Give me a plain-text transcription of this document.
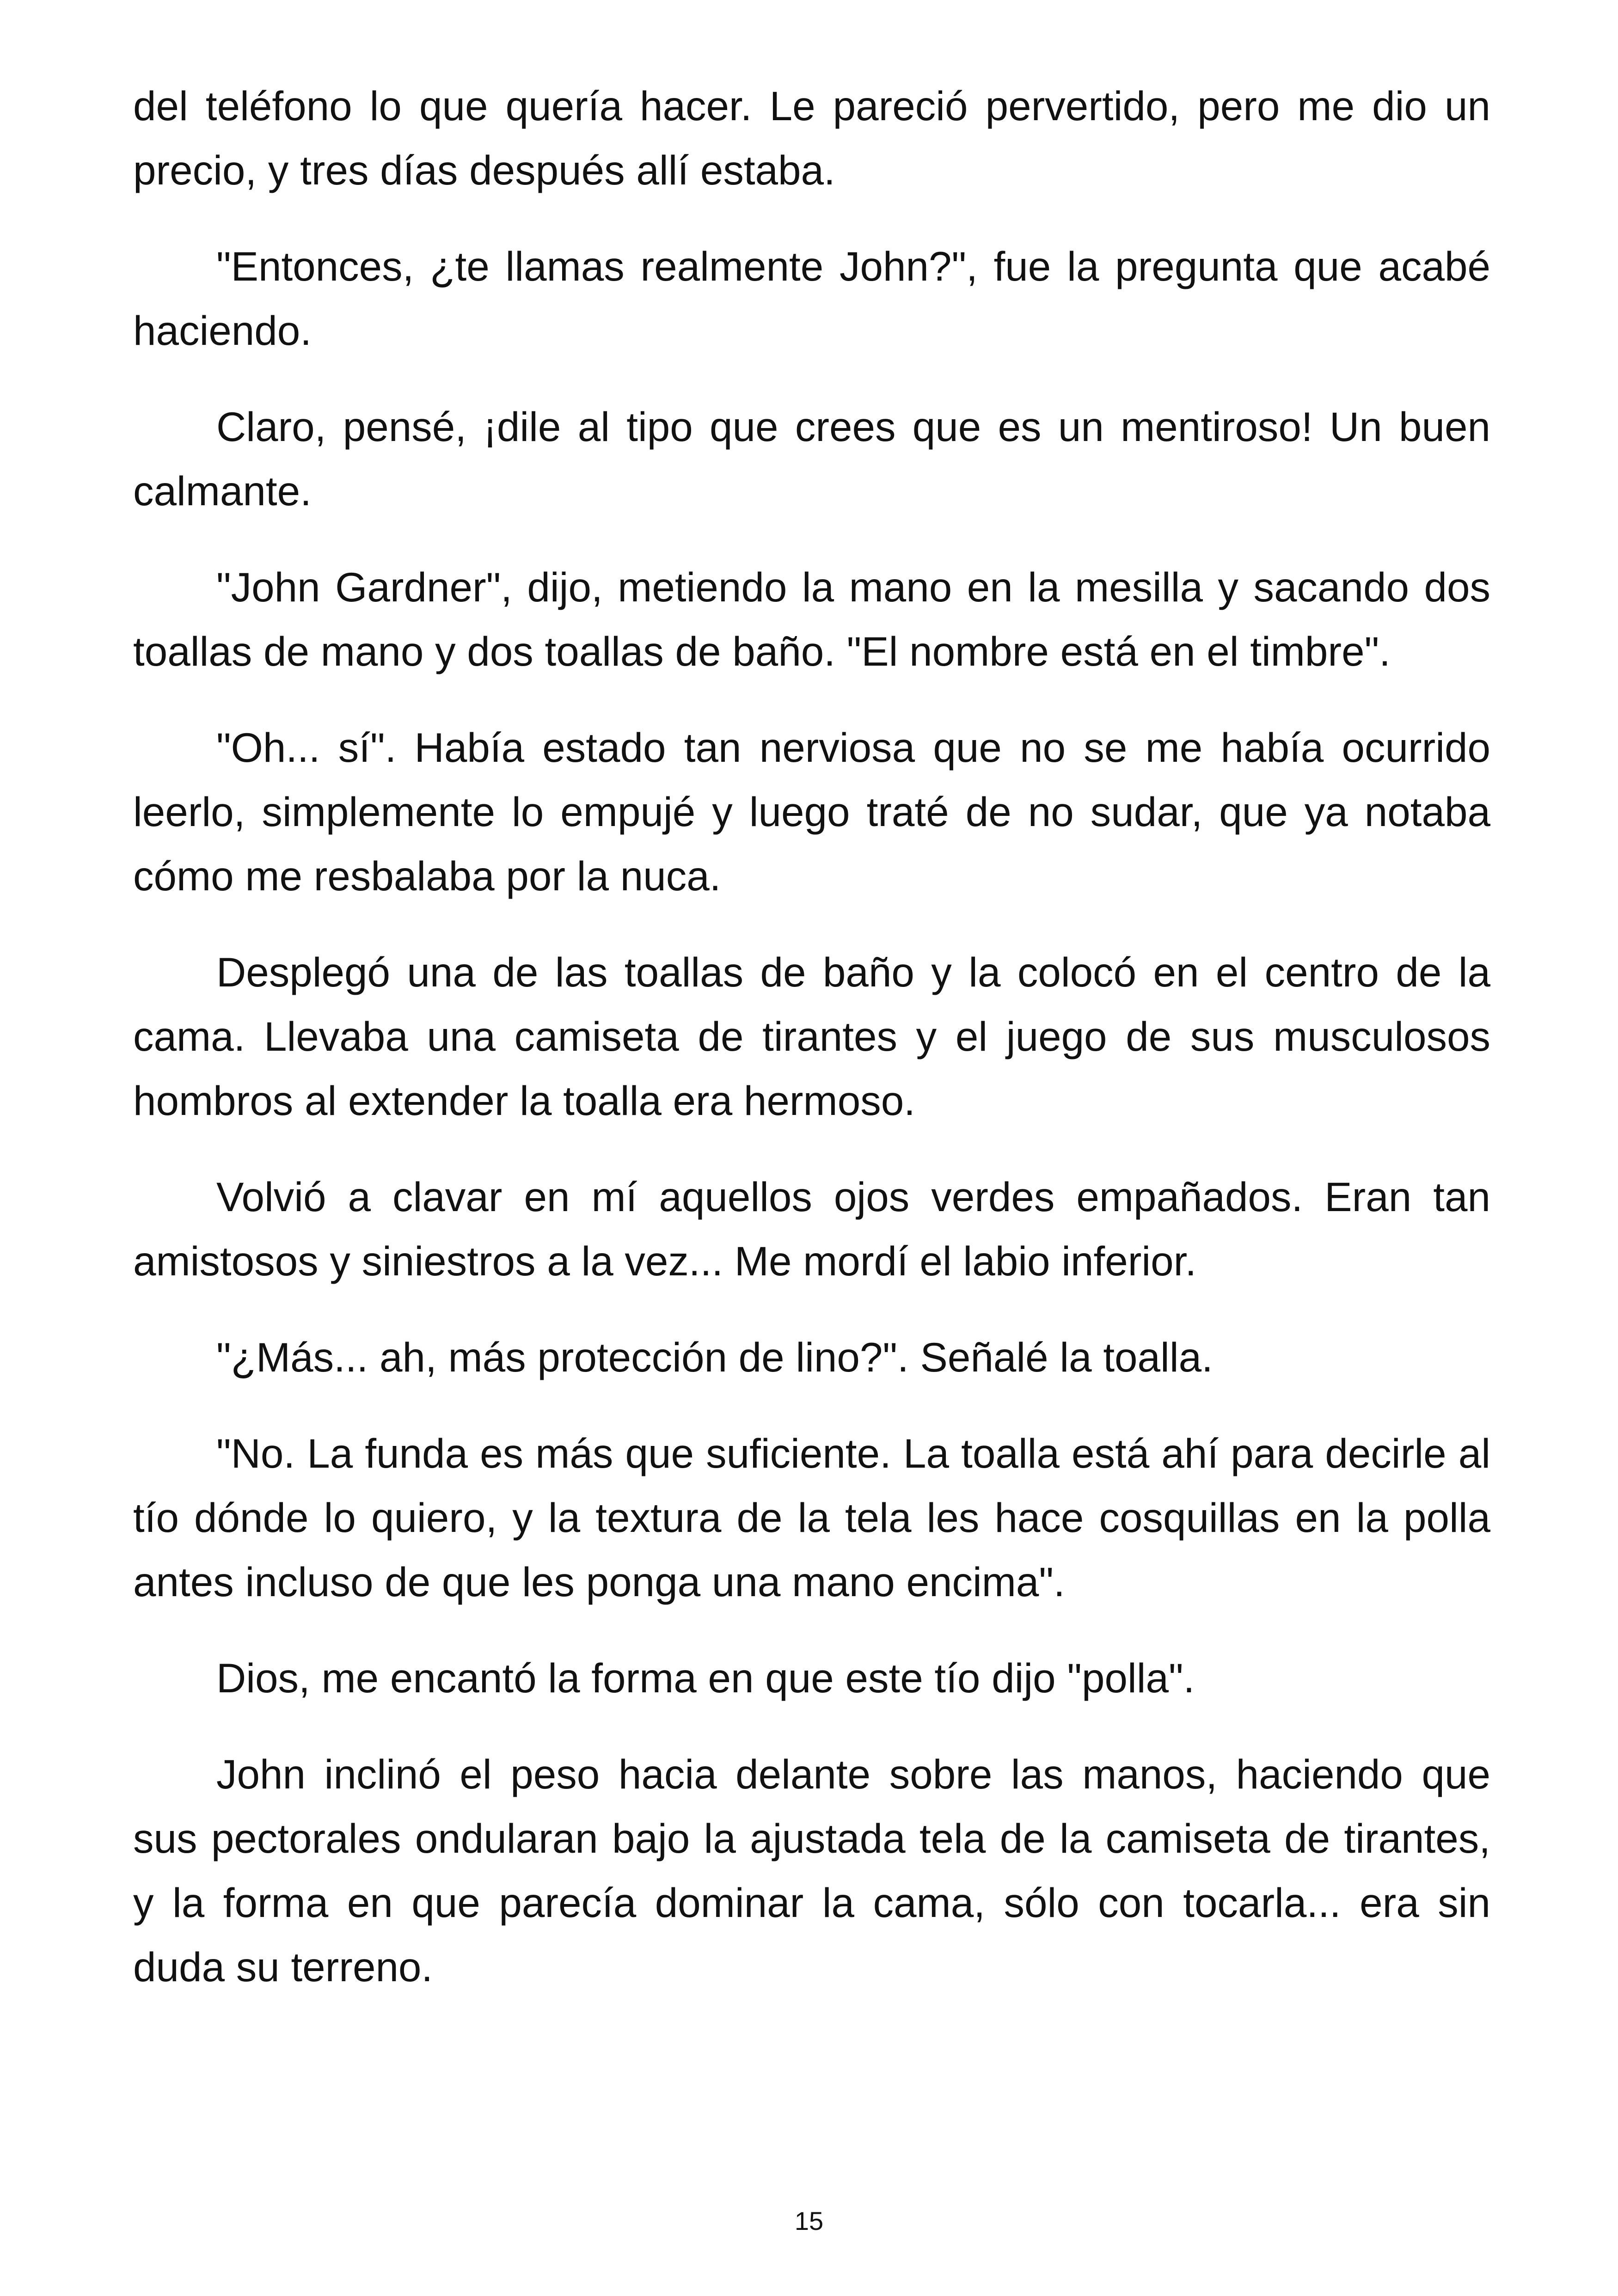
del teléfono lo que quería hacer. Le pareció pervertido, pero me dio un precio, y tres días después allí estaba.

"Entonces, ¿te llamas realmente John?", fue la pregunta que acabé haciendo.

Claro, pensé, ¡dile al tipo que crees que es un mentiroso! Un buen calmante.

"John Gardner", dijo, metiendo la mano en la mesilla y sacando dos toallas de mano y dos toallas de baño. "El nombre está en el timbre".

"Oh... sí". Había estado tan nerviosa que no se me había ocurrido leerlo, simplemente lo empujé y luego traté de no sudar, que ya notaba cómo me resbalaba por la nuca.

Desplegó una de las toallas de baño y la colocó en el centro de la cama. Llevaba una camiseta de tirantes y el juego de sus musculosos hombros al extender la toalla era hermoso.

Volvió a clavar en mí aquellos ojos verdes empañados. Eran tan amistosos y siniestros a la vez... Me mordí el labio inferior.

"¿Más... ah, más protección de lino?". Señalé la toalla.

"No. La funda es más que suficiente. La toalla está ahí para decirle al tío dónde lo quiero, y la textura de la tela les hace cosquillas en la polla antes incluso de que les ponga una mano encima".

Dios, me encantó la forma en que este tío dijo "polla".

John inclinó el peso hacia delante sobre las manos, haciendo que sus pectorales ondularan bajo la ajustada tela de la camiseta de tirantes, y la forma en que parecía dominar la cama, sólo con tocarla... era sin duda su terreno.

15
